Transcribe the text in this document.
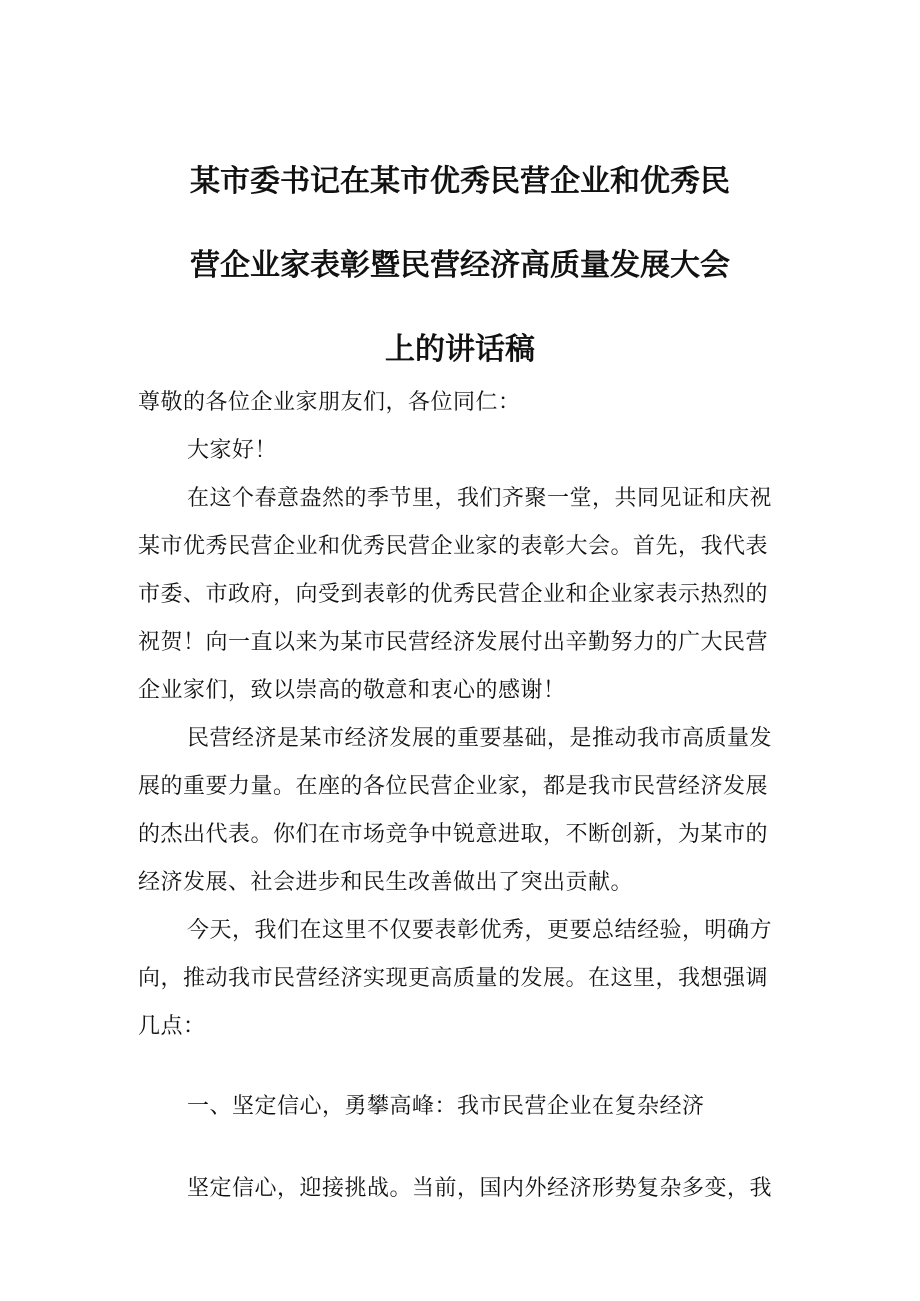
某市委书记在某市优秀民营企业和优秀民
营企业家表彰暨民营经济高质量发展大会
上的讲话稿
尊敬的各位企业家朋友们，各位同仁：
大家好！
在这个春意盎然的季节里，我们齐聚一堂，共同见证和庆祝
某市优秀民营企业和优秀民营企业家的表彰大会。首先，我代表
市委、市政府，向受到表彰的优秀民营企业和企业家表示热烈的
祝贺！向一直以来为某市民营经济发展付出辛勤努力的广大民营
企业家们，致以崇高的敬意和衷心的感谢！
民营经济是某市经济发展的重要基础，是推动我市高质量发
展的重要力量。在座的各位民营企业家，都是我市民营经济发展
的杰出代表。你们在市场竞争中锐意进取，不断创新，为某市的
经济发展、社会进步和民生改善做出了突出贡献。
今天，我们在这里不仅要表彰优秀，更要总结经验，明确方
向，推动我市民营经济实现更高质量的发展。在这里，我想强调
几点：
一、坚定信心，勇攀高峰：我市民营企业在复杂经济
坚定信心，迎接挑战。当前，国内外经济形势复杂多变，我
